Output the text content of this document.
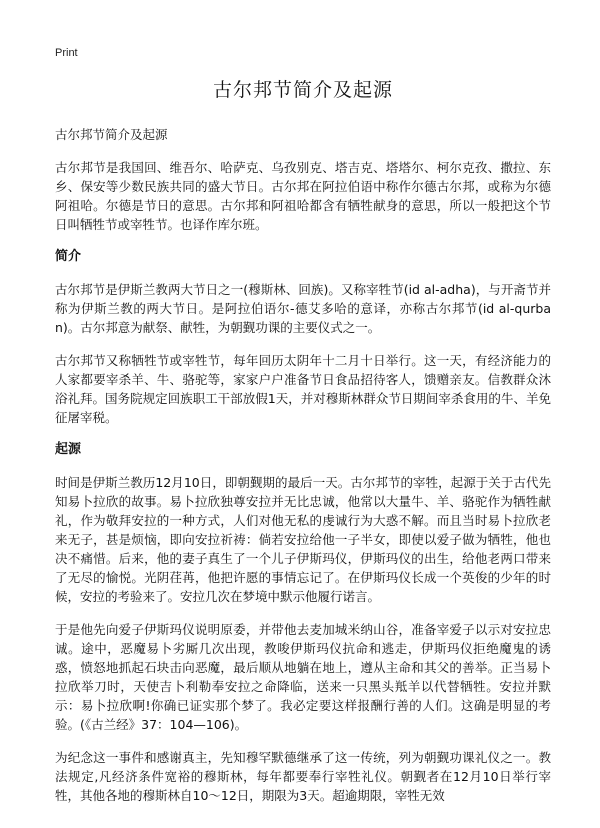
Print
古尔邦节简介及起源
古尔邦节简介及起源

古尔邦节是我国回、维吾尔、哈萨克、乌孜别克、塔吉克、塔塔尔、柯尔克孜、撒拉、东乡、保安等少数民族共同的盛大节日。古尔邦在阿拉伯语中称作尔德古尔邦，或称为尔德阿祖哈。尔德是节日的意思。古尔邦和阿祖哈都含有牺牲献身的意思，所以一般把这个节日叫牺牲节或宰牲节。也译作库尔班。

简介

古尔邦节是伊斯兰教两大节日之一(穆斯林、回族)。又称宰牲节(id al-adha)，与开斋节并称为伊斯兰教的两大节日。是阿拉伯语尔-德艾多哈的意译，亦称古尔邦节(id al-qurban)。古尔邦意为献祭、献牲，为朝觐功课的主要仪式之一。

古尔邦节又称牺牲节或宰牲节，每年回历太阴年十二月十日举行。这一天，有经济能力的人家都要宰杀羊、牛、骆驼等，家家户户准备节日食品招待客人，馈赠亲友。信教群众沐浴礼拜。国务院规定回族职工干部放假1天，并对穆斯林群众节日期间宰杀食用的牛、羊免征屠宰税。

起源

时间是伊斯兰教历12月10日，即朝觐期的最后一天。古尔邦节的宰牲，起源于关于古代先知易卜拉欣的故事。易卜拉欣独尊安拉并无比忠诚，他常以大量牛、羊、骆驼作为牺牲献礼，作为敬拜安拉的一种方式，人们对他无私的虔诚行为大惑不解。而且当时易卜拉欣老来无子，甚是烦恼，即向安拉祈祷：倘若安拉给他一子半女，即使以爱子做为牺牲，他也决不痛惜。后来，他的妻子真生了一个儿子伊斯玛仪，伊斯玛仪的出生，给他老两口带来了无尽的愉悦。光阴荏苒，他把许愿的事情忘记了。在伊斯玛仪长成一个英俊的少年的时候，安拉的考验来了。安拉几次在梦境中默示他履行诺言。

于是他先向爱子伊斯玛仪说明原委，并带他去麦加城米纳山谷，准备宰爱子以示对安拉忠诚。途中，恶魔易卜劣厮几次出现，教唆伊斯玛仪抗命和逃走，伊斯玛仪拒绝魔鬼的诱惑，愤怒地抓起石块击向恶魔，最后顺从地躺在地上，遵从主命和其父的善举。正当易卜拉欣举刀时，天使吉卜利勒奉安拉之命降临，送来一只黑头羝羊以代替牺牲。安拉并默示：易卜拉欣啊!你确已证实那个梦了。我必定要这样报酬行善的人们。这确是明显的考验。(《古兰经》37：104—106)。

为纪念这一事件和感谢真主，先知穆罕默德继承了这一传统，列为朝觐功课礼仪之一。教法规定,凡经济条件宽裕的穆斯林，每年都要奉行宰牲礼仪。朝觐者在12月10日举行宰牲，其他各地的穆斯林自10～12日，期限为3天。超逾期限，宰牲无效
